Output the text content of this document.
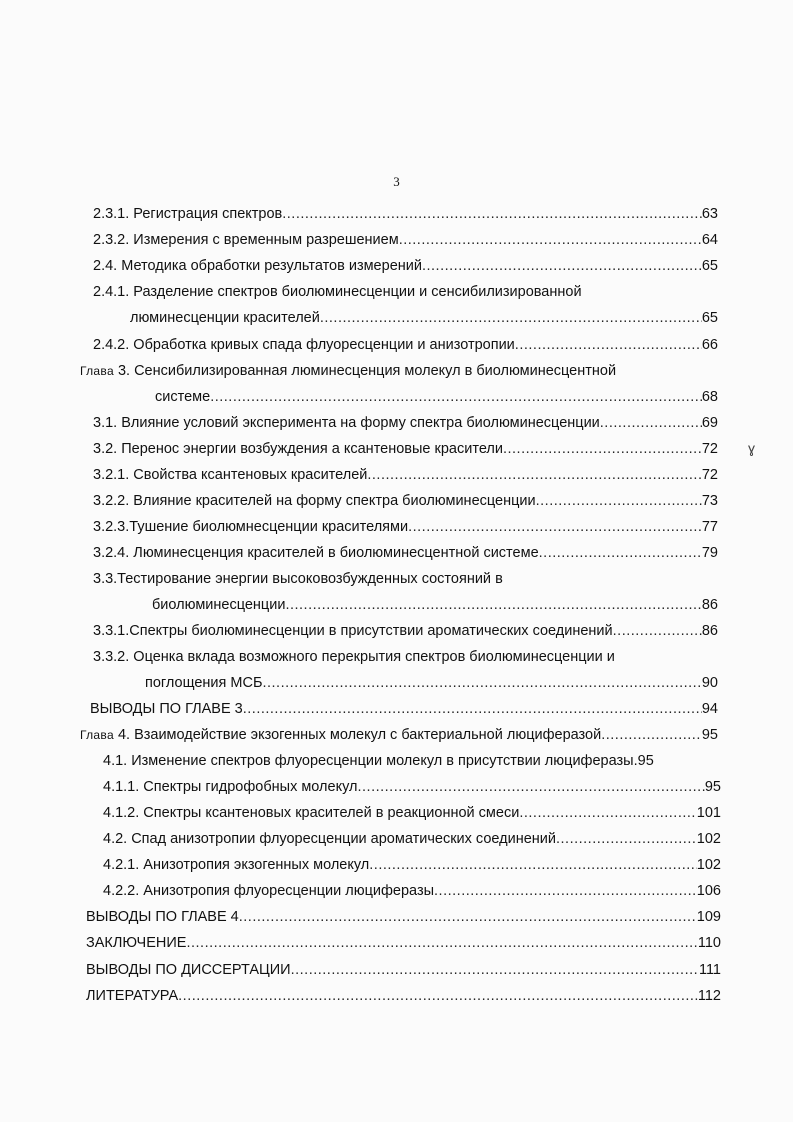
3
2.3.1. Регистрация спектров .....	63
2.3.2. Измерения с временным разрешением .....	64
2.4. Методика обработки результатов измерений .....	65
2.4.1. Разделение спектров биолюминесценции и сенсибилизированной
люминесценции красителей .....	65
2.4.2. Обработка кривых спада флуоресценции и анизотропии .....	66
Глава 3. Сенсибилизированная люминесценция молекул в биолюминесцентной
системе .....	68
3.1. Влияние условий эксперимента на форму спектра биолюминесценции .....	69
3.2. Перенос энергии возбуждения а ксантеновые красители .....	72 ɣ
3.2.1. Свойства ксантеновых красителей .....	72
3.2.2. Влияние красителей на форму спектра биолюминесценции .....	73
3.2.3.Тушение биолюмнесценции красителями .....	77
3.2.4. Люминесценция красителей в биолюминесцентной системе .....	79
3.3.Тестирование энергии высоковозбужденных состояний в
биолюминесценции .....	86
3.3.1.Спектры биолюминесценции в присутствии ароматических соединений .....	86
3.3.2. Оценка вклада возможного перекрытия спектров биолюминесценции и
поглощения МСБ .....	90
ВЫВОДЫ ПО ГЛАВЕ 3 .....	94
Глава 4. Взаимодействие экзогенных молекул с бактериальной люциферазой .....	95
4.1. Изменение спектров флуоресценции молекул в присутствии люциферазы. 95
4.1.1. Спектры гидрофобных молекул .....	95
4.1.2. Спектры ксантеновых красителей в реакционной смеси .....	101
4.2. Спад анизотропии флуоресценции ароматических соединений .....	102
4.2.1. Анизотропия экзогенных молекул .....	102
4.2.2. Анизотропия флуоресценции люциферазы .....	106
ВЫВОДЫ ПО ГЛАВЕ 4 .....	109
ЗАКЛЮЧЕНИЕ .....	110
ВЫВОДЫ ПО ДИССЕРТАЦИИ .....	111
ЛИТЕРАТУРА .....	112
